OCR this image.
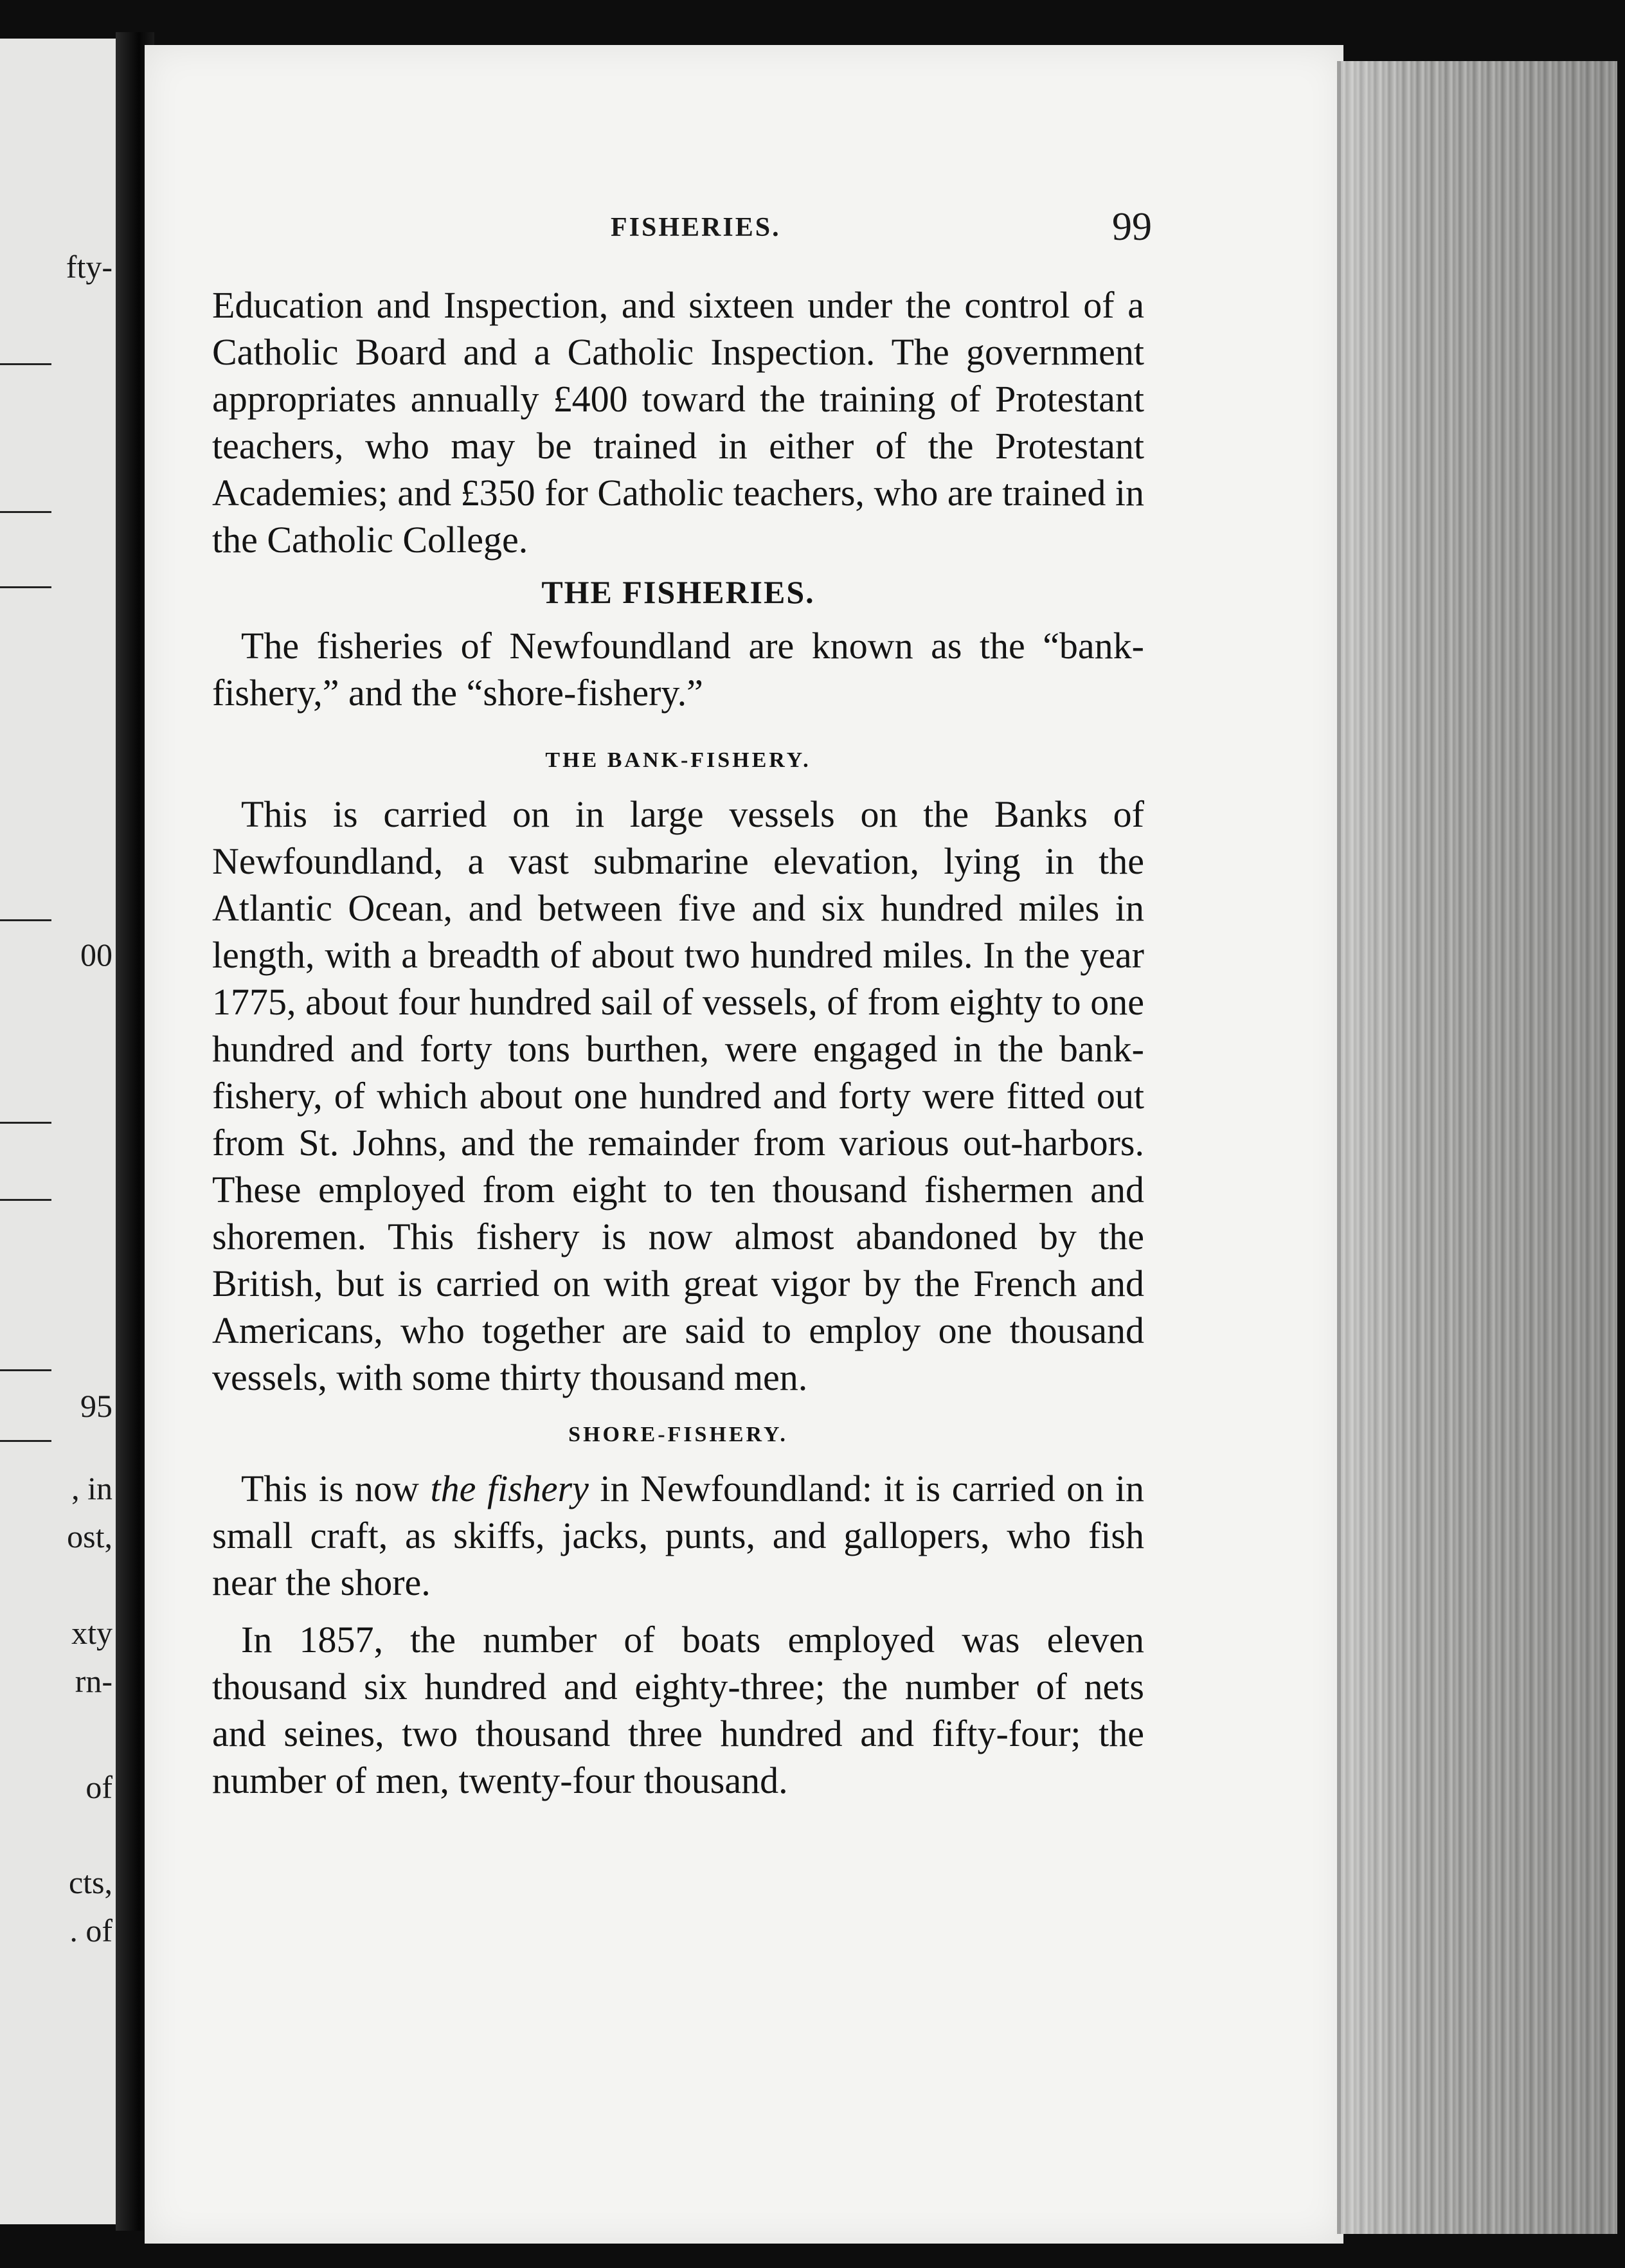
fty-
00
95
, in
ost,
xty
rn-
of
cts,
. of
FISHERIES.	99

Education and Inspection, and sixteen under the control of a Catholic Board and a Catholic Inspection. The government appropriates annually £400 toward the training of Protestant teachers, who may be trained in either of the Protestant Academies; and £350 for Catholic teachers, who are trained in the Catholic College.

THE FISHERIES.

The fisheries of Newfoundland are known as the “bank-fishery,” and the “shore-fishery.”

THE BANK-FISHERY.

This is carried on in large vessels on the Banks of Newfoundland, a vast submarine elevation, lying in the Atlantic Ocean, and between five and six hundred miles in length, with a breadth of about two hundred miles. In the year 1775, about four hundred sail of vessels, of from eighty to one hundred and forty tons burthen, were engaged in the bank-fishery, of which about one hundred and forty were fitted out from St. Johns, and the remainder from various out-harbors. These employed from eight to ten thousand fishermen and shoremen. This fishery is now almost abandoned by the British, but is carried on with great vigor by the French and Americans, who together are said to employ one thousand vessels, with some thirty thousand men.

SHORE-FISHERY.

This is now the fishery in Newfoundland: it is carried on in small craft, as skiffs, jacks, punts, and gallopers, who fish near the shore.

In 1857, the number of boats employed was eleven thousand six hundred and eighty-three; the number of nets and seines, two thousand three hundred and fifty-four; the number of men, twenty-four thousand.
